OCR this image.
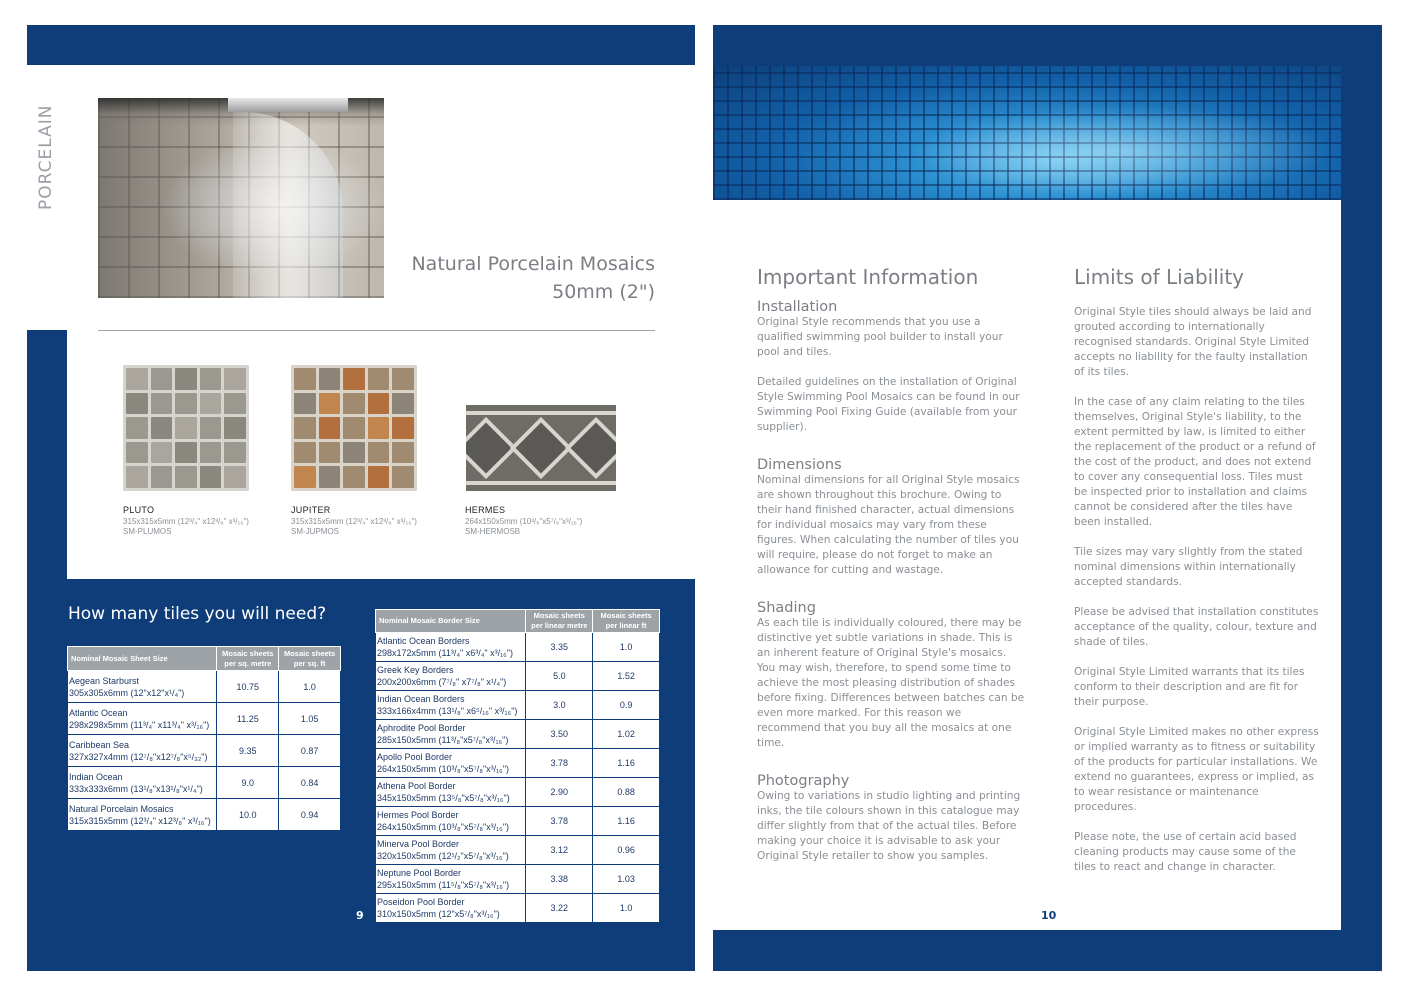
PORCELAIN
Natural Porcelain Mosaics
50mm (2")
PLUTO
315x315x5mm (12³/₄" x12³/₈" x³/₁₆")
SM-PLUMOS
JUPITER
315x315x5mm (12³/₄" x12³/₈" x³/₁₆")
SM-JUPMOS
HERMES
264x150x5mm (10³/₈"x5⁷/₈"x³/₁₆")
SM-HERMOSB
How many tiles you will need?
Nominal Mosaic Sheet Size	Mosaic sheets per sq. metre	Mosaic sheets per sq. ft

Aegean Starburst
305x305x6mm (12"x12"x¹/₄")	10.75	1.0

Atlantic Ocean
298x298x5mm (11³/₄" x11³/₄" x³/₁₆")	11.25	1.05

Caribbean Sea
327x327x4mm (12⁷/₈"x12⁷/₈"x⁵/₃₂")	9.35	0.87

Indian Ocean
333x333x6mm (13¹/₈"x13¹/₈"x¹/₄")	9.0	0.84

Natural Porcelain Mosaics
315x315x5mm (12³/₄" x12³/₈" x³/₁₆")	10.0	0.94
Nominal Mosaic Border Size	Mosaic sheets per linear metre	Mosaic sheets per linear ft

Atlantic Ocean Borders
298x172x5mm (11³/₄" x6³/₄" x³/₁₆")	3.35	1.0

Greek Key Borders
200x200x6mm (7⁷/₈" x7⁷/₈" x¹/₄")	5.0	1.52

Indian Ocean Borders
333x166x4mm (13¹/₈" x6⁵/₁₆" x³/₁₆")	3.0	0.9

Aphrodite Pool Border
285x150x5mm (11³/₈"x5⁷/₈"x³/₁₆")	3.50	1.02

Apollo Pool Border
264x150x5mm (10³/₈"x5⁷/₈"x³/₁₆")	3.78	1.16

Athena Pool Border
345x150x5mm (13⁵/₈"x5⁷/₈"x³/₁₆")	2.90	0.88

Hermes Pool Border
264x150x5mm (10³/₈"x5⁷/₈"x³/₁₆")	3.78	1.16

Minerva Pool Border
320x150x5mm (12¹/₂"x5⁷/₈"x³/₁₆")	3.12	0.96

Neptune Pool Border
295x150x5mm (11⁵/₈"x5⁷/₈"x³/₁₆")	3.38	1.03

Poseidon Pool Border
310x150x5mm (12"x5⁷/₈"x³/₁₆")	3.22	1.0
9
Important Information
Installation

Original Style recommends that you use a qualified swimming pool builder to install your pool and tiles.

Detailed guidelines on the installation of Original Style Swimming Pool Mosaics can be found in our Swimming Pool Fixing Guide (available from your supplier).

Dimensions

Nominal dimensions for all Original Style mosaics are shown throughout this brochure. Owing to their hand finished character, actual dimensions for individual mosaics may vary from these figures. When calculating the number of tiles you will require, please do not forget to make an allowance for cutting and wastage.

Shading

As each tile is individually coloured, there may be distinctive yet subtle variations in shade. This is an inherent feature of Original Style's mosaics. You may wish, therefore, to spend some time to achieve the most pleasing distribution of shades before fixing. Differences between batches can be even more marked. For this reason we recommend that you buy all the mosaics at one time.

Photography

Owing to variations in studio lighting and printing inks, the tile colours shown in this catalogue may differ slightly from that of the actual tiles. Before making your choice it is advisable to ask your Original Style retailer to show you samples.

Limits of Liability

Original Style tiles should always be laid and grouted according to internationally recognised standards. Original Style Limited accepts no liability for the faulty installation of its tiles.

In the case of any claim relating to the tiles themselves, Original Style's liability, to the extent permitted by law, is limited to either the replacement of the product or a refund of the cost of the product, and does not extend to cover any consequential loss. Tiles must be inspected prior to installation and claims cannot be considered after the tiles have been installed.

Tile sizes may vary slightly from the stated nominal dimensions within internationally accepted standards.

Please be advised that installation constitutes acceptance of the quality, colour, texture and shade of tiles.

Original Style Limited warrants that its tiles conform to their description and are fit for their purpose.

Original Style Limited makes no other express or implied warranty as to fitness or suitability of the products for particular installations. We extend no guarantees, express or implied, as to wear resistance or maintenance procedures.

Please note, the use of certain acid based cleaning products may cause some of the tiles to react and change in character.

10
